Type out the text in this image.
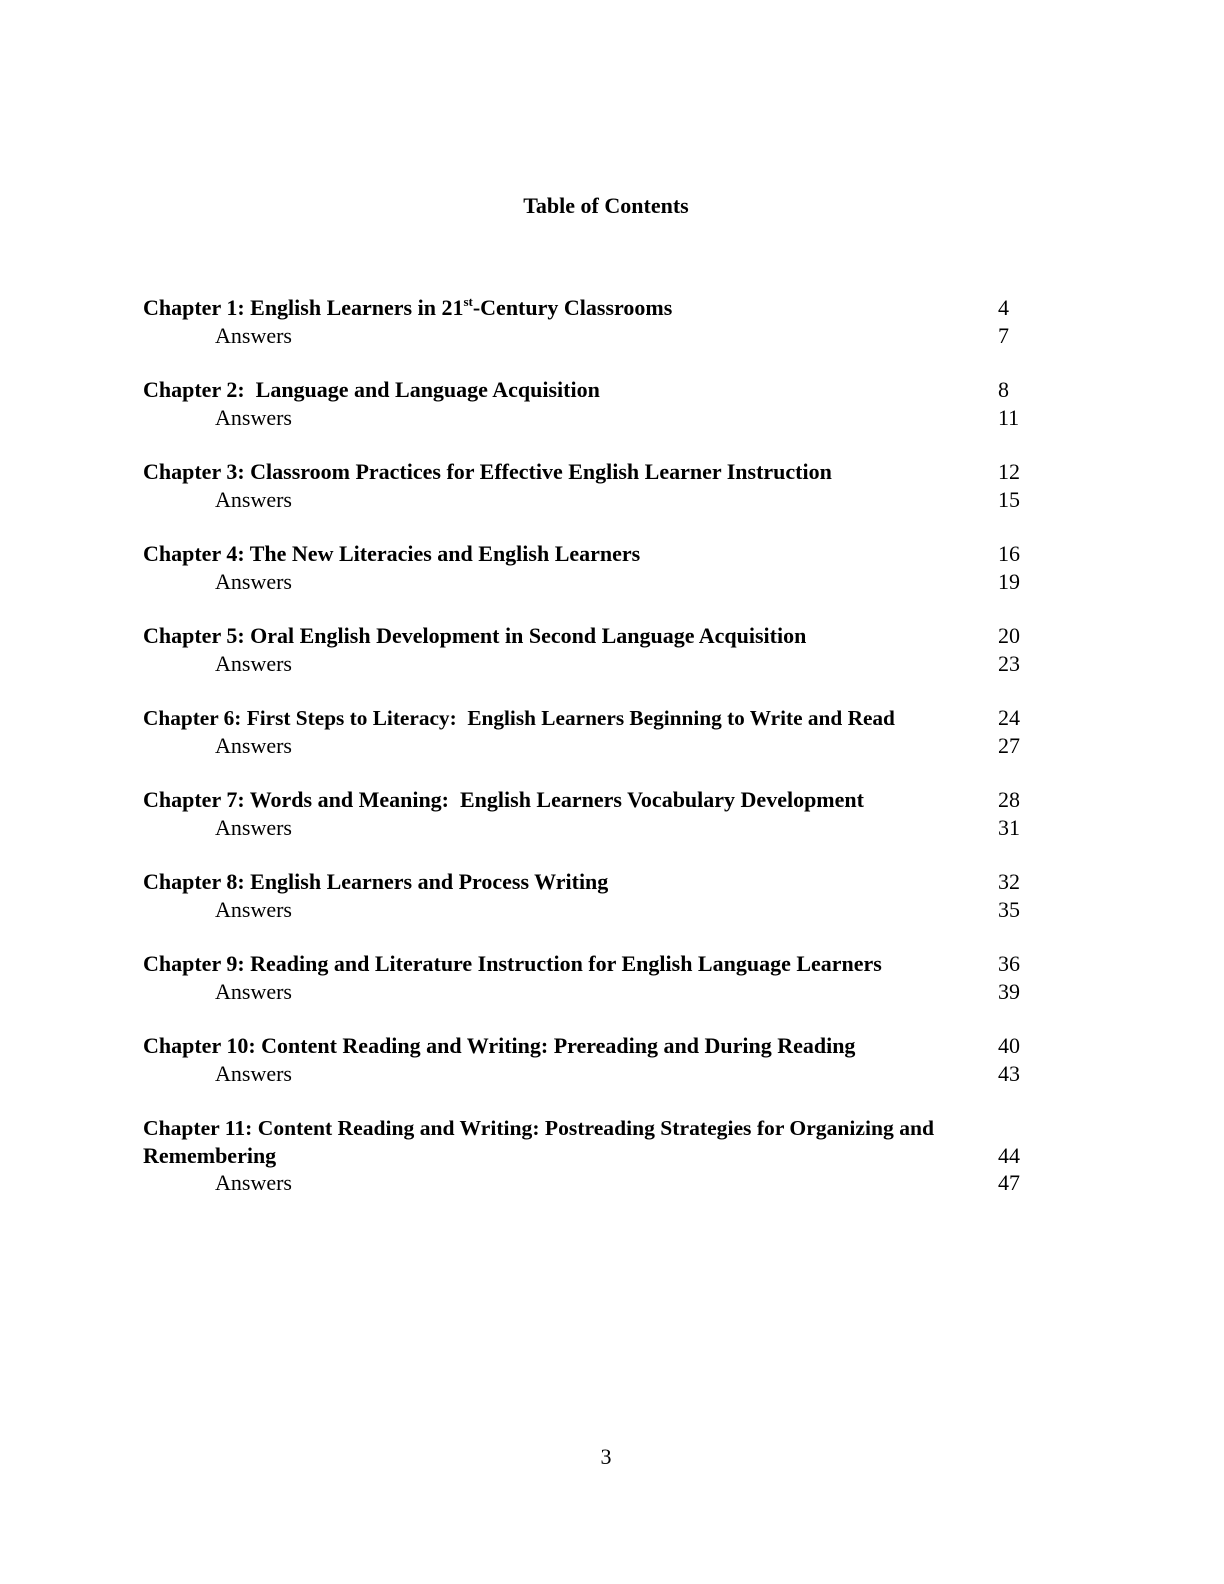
Table of Contents
Chapter 1: English Learners in 21st-Century Classrooms	4
Answers	7
Chapter 2:  Language and Language Acquisition	8
Answers	11
Chapter 3: Classroom Practices for Effective English Learner Instruction	12
Answers	15
Chapter 4: The New Literacies and English Learners	16
Answers	19
Chapter 5: Oral English Development in Second Language Acquisition	20
Answers	23
Chapter 6: First Steps to Literacy:  English Learners Beginning to Write and Read	24
Answers	27
Chapter 7: Words and Meaning:  English Learners Vocabulary Development	28
Answers	31
Chapter 8: English Learners and Process Writing	32
Answers	35
Chapter 9: Reading and Literature Instruction for English Language Learners	36
Answers	39
Chapter 10: Content Reading and Writing: Prereading and During Reading	40
Answers	43
Chapter 11: Content Reading and Writing: Postreading Strategies for Organizing and
Remembering	44
Answers	47
3
